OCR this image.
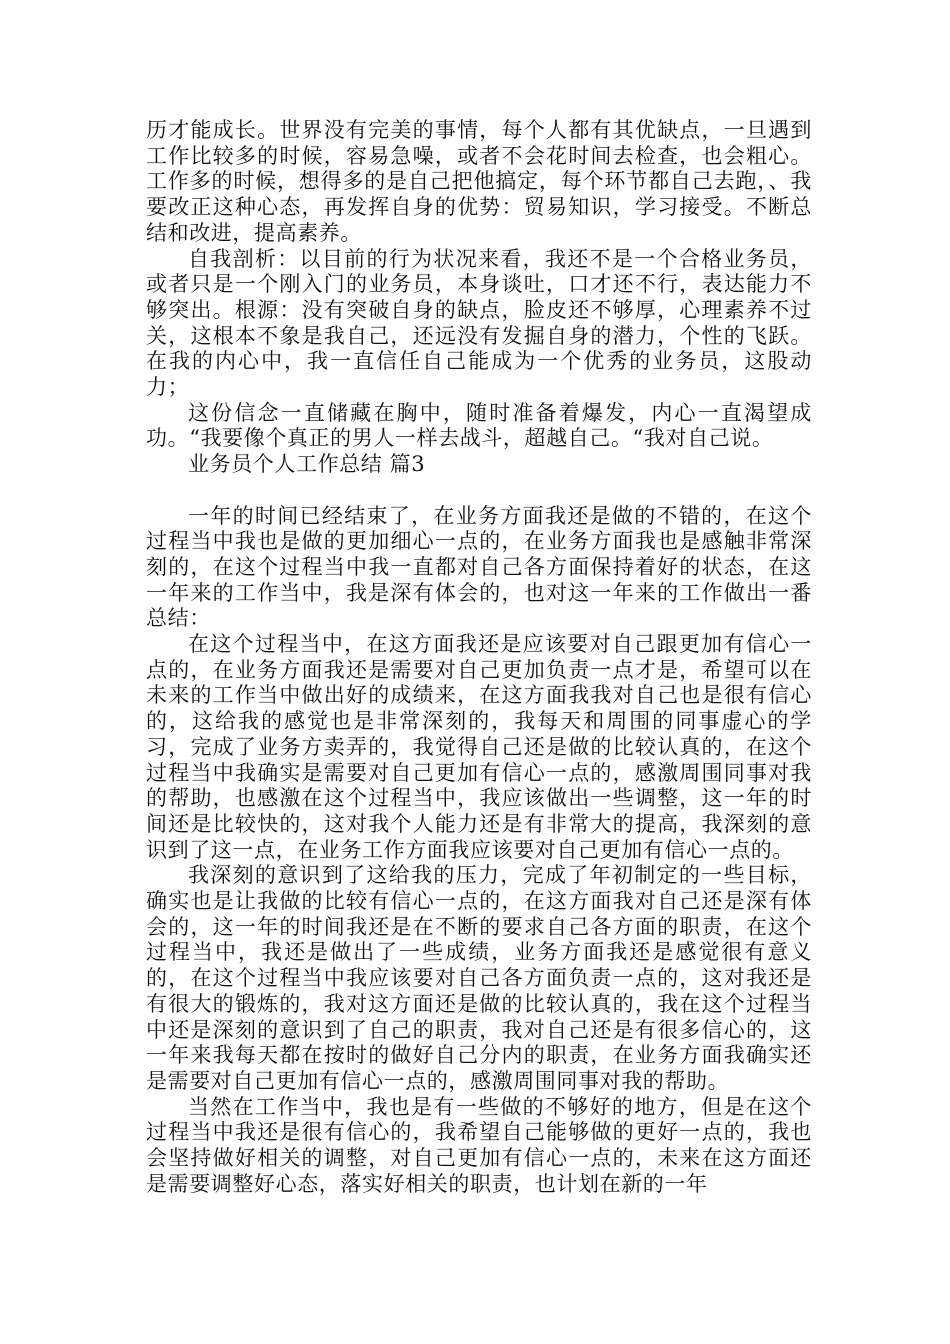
历才能成长。世界没有完美的事情，每个人都有其优缺点，一旦遇到工作比较多的时候，容易急噪，或者不会花时间去检查，也会粗心。工作多的时候，想得多的是自己把他搞定，每个环节都自己去跑，、我要改正这种心态，再发挥自身的优势：贸易知识，学习接受。不断总结和改进，提高素养。

自我剖析：以目前的行为状况来看，我还不是一个合格业务员，或者只是一个刚入门的业务员，本身谈吐，口才还不行，表达能力不够突出。根源：没有突破自身的缺点，脸皮还不够厚，心理素养不过关，这根本不象是我自己，还远没有发掘自身的潜力，个性的飞跃。在我的内心中，我一直信任自己能成为一个优秀的业务员，这股动力；

这份信念一直储藏在胸中，随时准备着爆发，内心一直渴望成功。“我要像个真正的男人一样去战斗，超越自己。“我对自己说。

业务员个人工作总结 篇3

一年的时间已经结束了，在业务方面我还是做的不错的，在这个过程当中我也是做的更加细心一点的，在业务方面我也是感触非常深刻的，在这个过程当中我一直都对自己各方面保持着好的状态，在这一年来的工作当中，我是深有体会的，也对这一年来的工作做出一番总结：

在这个过程当中，在这方面我还是应该要对自己跟更加有信心一点的，在业务方面我还是需要对自己更加负责一点才是，希望可以在未来的工作当中做出好的成绩来，在这方面我我对自己也是很有信心的，这给我的感觉也是非常深刻的，我每天和周围的同事虚心的学习，完成了业务方卖弄的，我觉得自己还是做的比较认真的，在这个过程当中我确实是需要对自己更加有信心一点的，感激周围同事对我的帮助，也感激在这个过程当中，我应该做出一些调整，这一年的时间还是比较快的，这对我个人能力还是有非常大的提高，我深刻的意识到了这一点，在业务工作方面我应该要对自己更加有信心一点的。

我深刻的意识到了这给我的压力，完成了年初制定的一些目标，确实也是让我做的比较有信心一点的，在这方面我对自己还是深有体会的，这一年的时间我还是在不断的要求自己各方面的职责，在这个过程当中，我还是做出了一些成绩，业务方面我还是感觉很有意义的，在这个过程当中我应该要对自己各方面负责一点的，这对我还是有很大的锻炼的，我对这方面还是做的比较认真的，我在这个过程当中还是深刻的意识到了自己的职责，我对自己还是有很多信心的，这一年来我每天都在按时的做好自己分内的职责，在业务方面我确实还是需要对自己更加有信心一点的，感激周围同事对我的帮助。

当然在工作当中，我也是有一些做的不够好的地方，但是在这个过程当中我还是很有信心的，我希望自己能够做的更好一点的，我也会坚持做好相关的调整，对自己更加有信心一点的，未来在这方面还是需要调整好心态，落实好相关的职责，也计划在新的一年
